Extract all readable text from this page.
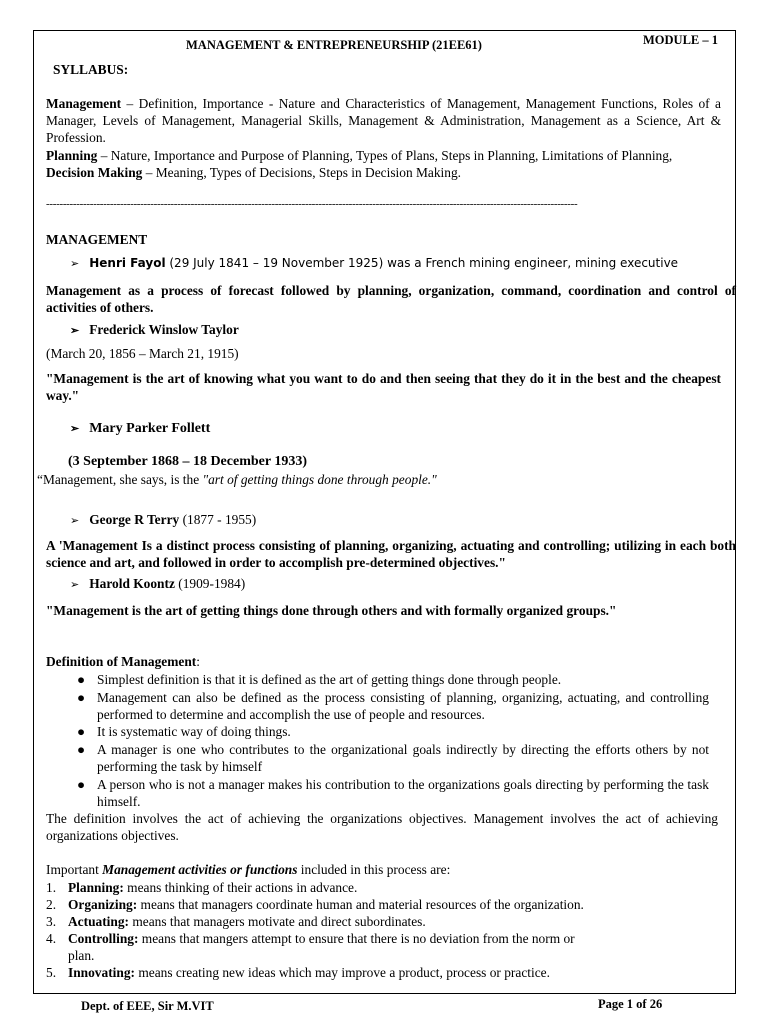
MANAGEMENT & ENTREPRENEURSHIP (21EE61)	MODULE – 1
SYLLABUS:
Management – Definition, Importance - Nature and Characteristics of Management, Management Functions, Roles of a Manager, Levels of Management, Managerial Skills, Management & Administration, Management as a Science, Art & Profession.
Planning – Nature, Importance and Purpose of Planning, Types of Plans, Steps in Planning, Limitations of Planning, Decision Making – Meaning, Types of Decisions, Steps in Decision Making.
--------------------------------------------------------------------------------------------------------------------------------------------------------------
MANAGEMENT
➢ Henri Fayol (29 July 1841 – 19 November 1925) was a French mining engineer, mining executive
Management as a process of forecast followed by planning, organization, command, coordination and control of activities of others.
➢ Frederick Winslow Taylor
(March 20, 1856 – March 21, 1915)
"Management is the art of knowing what you want to do and then seeing that they do it in the best and the cheapest way."
➢ Mary Parker Follett
(3 September 1868 – 18 December 1933)
“Management, she says, is the "art of getting things done through people."
➢ George R Terry (1877 - 1955)
A 'Management Is a distinct process consisting of planning, organizing, actuating and controlling; utilizing in each both science and art, and followed in order to accomplish pre-determined objectives."
➢ Harold Koontz (1909-1984)
"Management is the art of getting things done through others and with formally organized groups."
Definition of Management:
● Simplest definition is that it is defined as the art of getting things done through people.
● Management can also be defined as the process consisting of planning, organizing, actuating, and controlling performed to determine and accomplish the use of people and resources.
● It is systematic way of doing things.
● A manager is one who contributes to the organizational goals indirectly by directing the efforts others by not performing the task by himself
● A person who is not a manager makes his contribution to the organizations goals directing by performing the task himself.
The definition involves the act of achieving the organizations objectives. Management involves the act of achieving organizations objectives.
Important Management activities or functions included in this process are:
1. Planning: means thinking of their actions in advance.
2. Organizing: means that managers coordinate human and material resources of the organization.
3. Actuating: means that managers motivate and direct subordinates.
4. Controlling: means that mangers attempt to ensure that there is no deviation from the norm or
plan.
5. Innovating: means creating new ideas which may improve a product, process or practice.
Dept. of EEE, Sir M.VIT	Page 1 of 26
